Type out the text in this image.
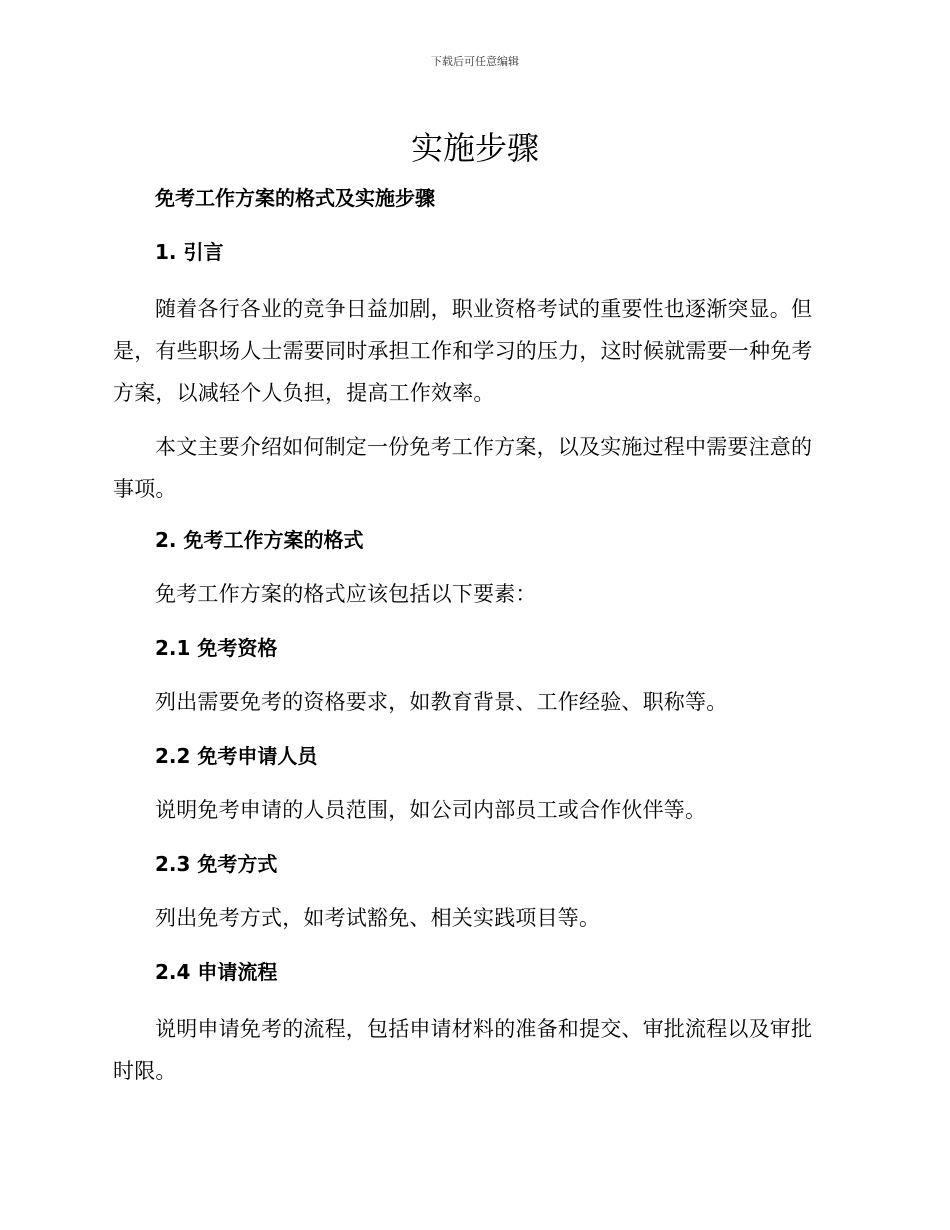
下载后可任意编辑
实施步骤
免考工作方案的格式及实施步骤
1. 引言
随着各行各业的竞争日益加剧，职业资格考试的重要性也逐渐突显。但是，有些职场人士需要同时承担工作和学习的压力，这时候就需要一种免考方案，以减轻个人负担，提高工作效率。
本文主要介绍如何制定一份免考工作方案，以及实施过程中需要注意的事项。
2. 免考工作方案的格式
免考工作方案的格式应该包括以下要素：
2.1 免考资格
列出需要免考的资格要求，如教育背景、工作经验、职称等。
2.2 免考申请人员
说明免考申请的人员范围，如公司内部员工或合作伙伴等。
2.3 免考方式
列出免考方式，如考试豁免、相关实践项目等。
2.4 申请流程
说明申请免考的流程，包括申请材料的准备和提交、审批流程以及审批时限。
